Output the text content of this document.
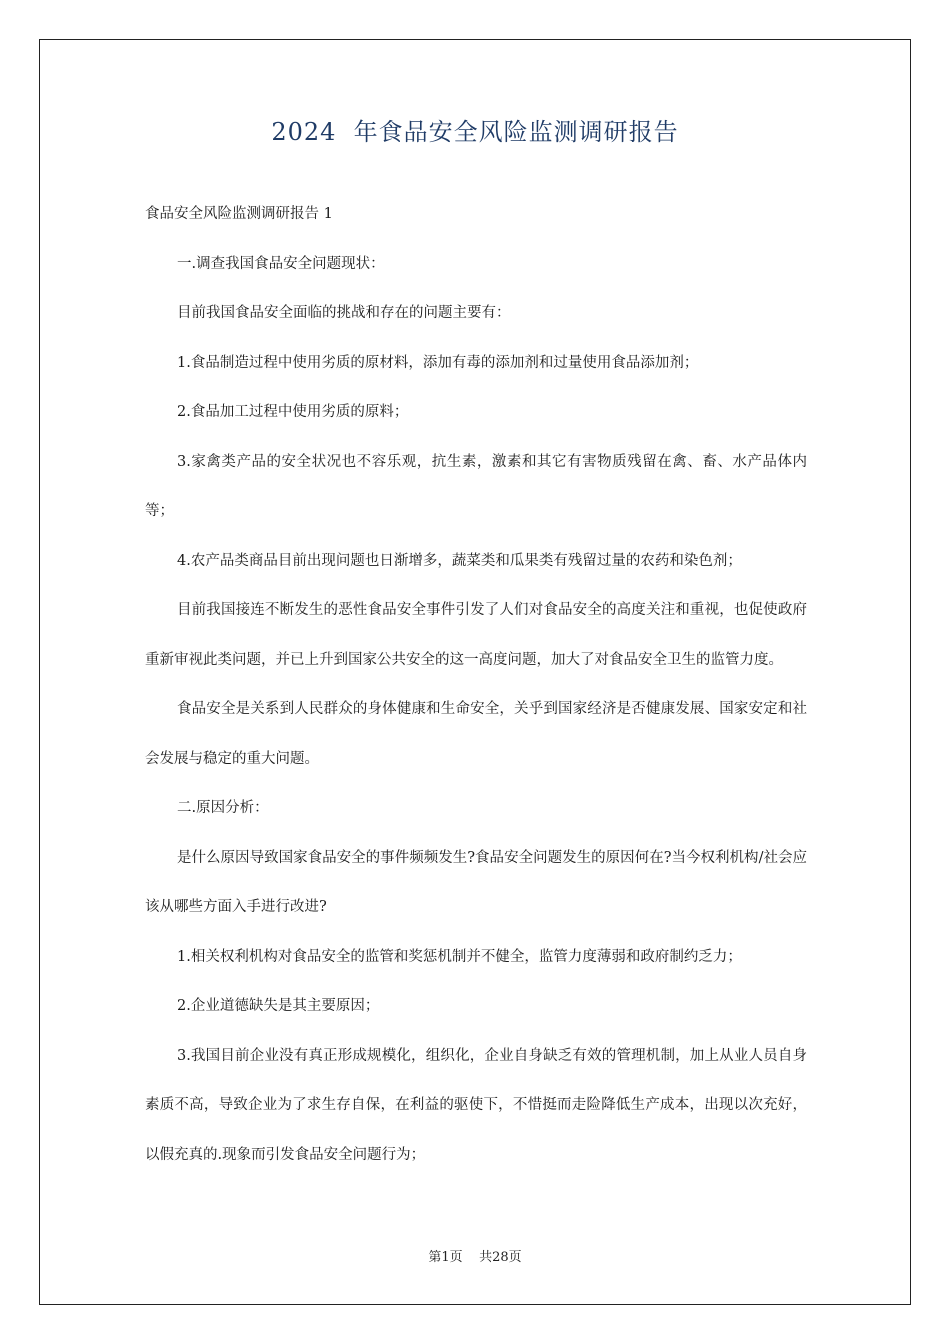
2024  年食品安全风险监测调研报告

食品安全风险监测调研报告 1

一.调查我国食品安全问题现状：

目前我国食品安全面临的挑战和存在的问题主要有：

1.食品制造过程中使用劣质的原材料，添加有毒的添加剂和过量使用食品添加剂；

2.食品加工过程中使用劣质的原料；

3.家禽类产品的安全状况也不容乐观，抗生素，激素和其它有害物质残留在禽、畜、水产品体内等；

4.农产品类商品目前出现问题也日渐增多，蔬菜类和瓜果类有残留过量的农药和染色剂；

目前我国接连不断发生的恶性食品安全事件引发了人们对食品安全的高度关注和重视，也促使政府重新审视此类问题，并已上升到国家公共安全的这一高度问题，加大了对食品安全卫生的监管力度。

食品安全是关系到人民群众的身体健康和生命安全，关乎到国家经济是否健康发展、国家安定和社会发展与稳定的重大问题。

二.原因分析：

是什么原因导致国家食品安全的事件频频发生?食品安全问题发生的原因何在?当今权利机构/社会应该从哪些方面入手进行改进?

1.相关权利机构对食品安全的监管和奖惩机制并不健全，监管力度薄弱和政府制约乏力；

2.企业道德缺失是其主要原因；

3.我国目前企业没有真正形成规模化，组织化，企业自身缺乏有效的管理机制，加上从业人员自身素质不高，导致企业为了求生存自保，在利益的驱使下，不惜挺而走险降低生产成本，出现以次充好，以假充真的.现象而引发食品安全问题行为；

第1页    共28页
